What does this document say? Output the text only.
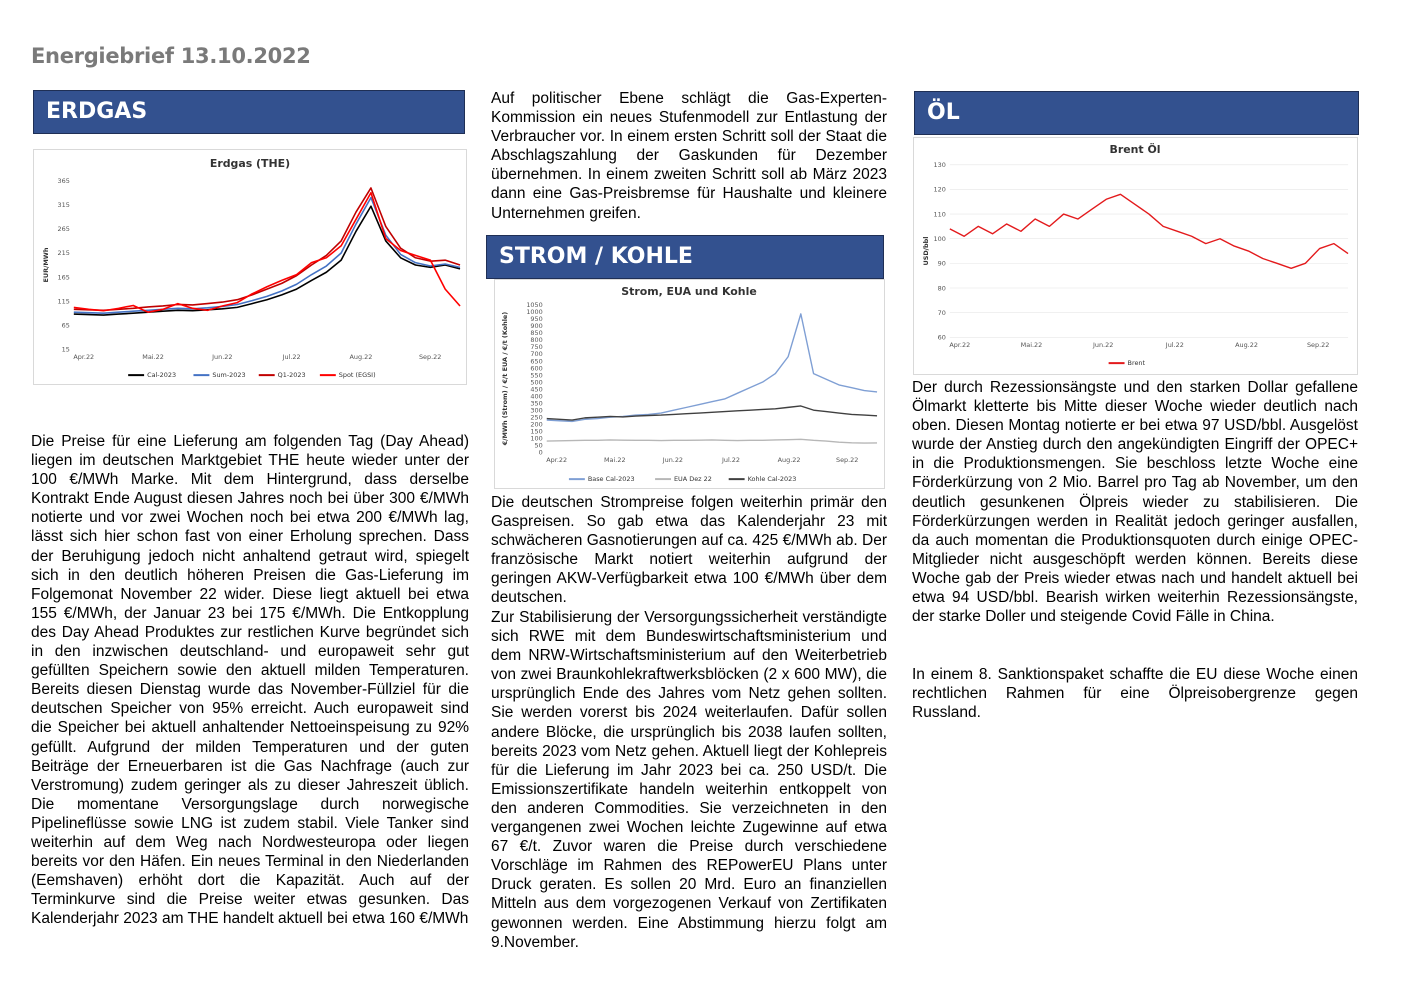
Energiebrief 13.10.2022
ERDGAS
Erdgas (THE)
365
315
265
215
165
115
65
15
Apr.22	Mai.22	Jun.22	Jul.22	Aug.22	Sep.22
EUR/MWh
Cal-2023	Sum-2023	Q1-2023	Spot (EGSI)

Die Preise für eine Lieferung am folgenden Tag (Day Ahead) liegen im deutschen Marktgebiet THE heute wieder unter der 100 €/MWh Marke. Mit dem Hintergrund, dass derselbe Kontrakt Ende August diesen Jahres noch bei über 300 €/MWh notierte und vor zwei Wochen noch bei etwa 200 €/MWh lag, lässt sich hier schon fast von einer Erholung sprechen. Dass der Beruhigung jedoch nicht anhaltend getraut wird, spiegelt sich in den deutlich höheren Preisen die Gas-Lieferung im Folgemonat November 22 wider. Diese liegt aktuell bei etwa 155 €/MWh, der Januar 23 bei 175 €/MWh. Die Entkopplung des Day Ahead Produktes zur restlichen Kurve begründet sich in den inzwischen deutschland- und europaweit sehr gut gefüllten Speichern sowie den aktuell milden Temperaturen. Bereits diesen Dienstag wurde das November-Füllziel für die deutschen Speicher von 95% erreicht. Auch europaweit sind die Speicher bei aktuell anhaltender Nettoeinspeisung zu 92% gefüllt. Aufgrund der milden Temperaturen und der guten Beiträge der Erneuerbaren ist die Gas Nachfrage (auch zur Verstromung) zudem geringer als zu dieser Jahreszeit üblich. Die momentane Versorgungslage durch norwegische Pipelineflüsse sowie LNG ist zudem stabil. Viele Tanker sind weiterhin auf dem Weg nach Nordwesteuropa oder liegen bereits vor den Häfen. Ein neues Terminal in den Niederlanden (Eemshaven) erhöht dort die Kapazität. Auch auf der Terminkurve sind die Preise weiter etwas gesunken. Das Kalenderjahr 2023 am THE handelt aktuell bei etwa 160 €/MWh

Auf politischer Ebene schlägt die Gas-Experten-Kommission ein neues Stufenmodell zur Entlastung der Verbraucher vor. In einem ersten Schritt soll der Staat die Abschlagszahlung der Gaskunden für Dezember übernehmen. In einem zweiten Schritt soll ab März 2023 dann eine Gas-Preisbremse für Haushalte und kleinere Unternehmen greifen.

STROM / KOHLE
Strom, EUA und Kohle
1050
1000
950
900
850
800
750
700
650
600
550
500
450
400
350
300
250
200
150
100
50
0
Apr.22	Mai.22	Jun.22	Jul.22	Aug.22	Sep.22
€/MWh (Strom) / €/t EUA / €/t (Kohle)
Base Cal-2023	EUA Dez 22	Kohle Cal-2023

Die deutschen Strompreise folgen weiterhin primär den Gaspreisen. So gab etwa das Kalenderjahr 23 mit schwächeren Gasnotierungen auf ca. 425 €/MWh ab. Der französische Markt notiert weiterhin aufgrund der geringen AKW-Verfügbarkeit etwa 100 €/MWh über dem deutschen.

Zur Stabilisierung der Versorgungssicherheit verständigte sich RWE mit dem Bundeswirtschaftsministerium und dem NRW-Wirtschaftsministerium auf den Weiterbetrieb von zwei Braunkohlekraftwerksblöcken (2 x 600 MW), die ursprünglich Ende des Jahres vom Netz gehen sollten. Sie werden vorerst bis 2024 weiterlaufen. Dafür sollen andere Blöcke, die ursprünglich bis 2038 laufen sollten, bereits 2023 vom Netz gehen. Aktuell liegt der Kohlepreis für die Lieferung im Jahr 2023 bei ca. 250 USD/t. Die Emissionszertifikate handeln weiterhin entkoppelt von den anderen Commodities. Sie verzeichneten in den vergangenen zwei Wochen leichte Zugewinne auf etwa 67 €/t. Zuvor waren die Preise durch verschiedene Vorschläge im Rahmen des REPowerEU Plans unter Druck geraten. Es sollen 20 Mrd. Euro an finanziellen Mitteln aus dem vorgezogenen Verkauf von Zertifikaten gewonnen werden. Eine Abstimmung hierzu folgt am 9.November.

ÖL
Brent Öl
130
120
110
100
90
80
70
60
Apr.22	Mai.22	Jun.22	Jul.22	Aug.22	Sep.22
USD/bbl
Brent

Der durch Rezessionsängste und den starken Dollar gefallene Ölmarkt kletterte bis Mitte dieser Woche wieder deutlich nach oben. Diesen Montag notierte er bei etwa 97 USD/bbl. Ausgelöst wurde der Anstieg durch den angekündigten Eingriff der OPEC+ in die Produktionsmengen. Sie beschloss letzte Woche eine Förderkürzung von 2 Mio. Barrel pro Tag ab November, um den deutlich gesunkenen Ölpreis wieder zu stabilisieren. Die Förderkürzungen werden in Realität jedoch geringer ausfallen, da auch momentan die Produktionsquoten durch einige OPEC-Mitglieder nicht ausgeschöpft werden können. Bereits diese Woche gab der Preis wieder etwas nach und handelt aktuell bei etwa 94 USD/bbl. Bearish wirken weiterhin Rezessionsängste, der starke Doller und steigende Covid Fälle in China.

In einem 8. Sanktionspaket schaffte die EU diese Woche einen rechtlichen Rahmen für eine Ölpreisobergrenze gegen Russland.
